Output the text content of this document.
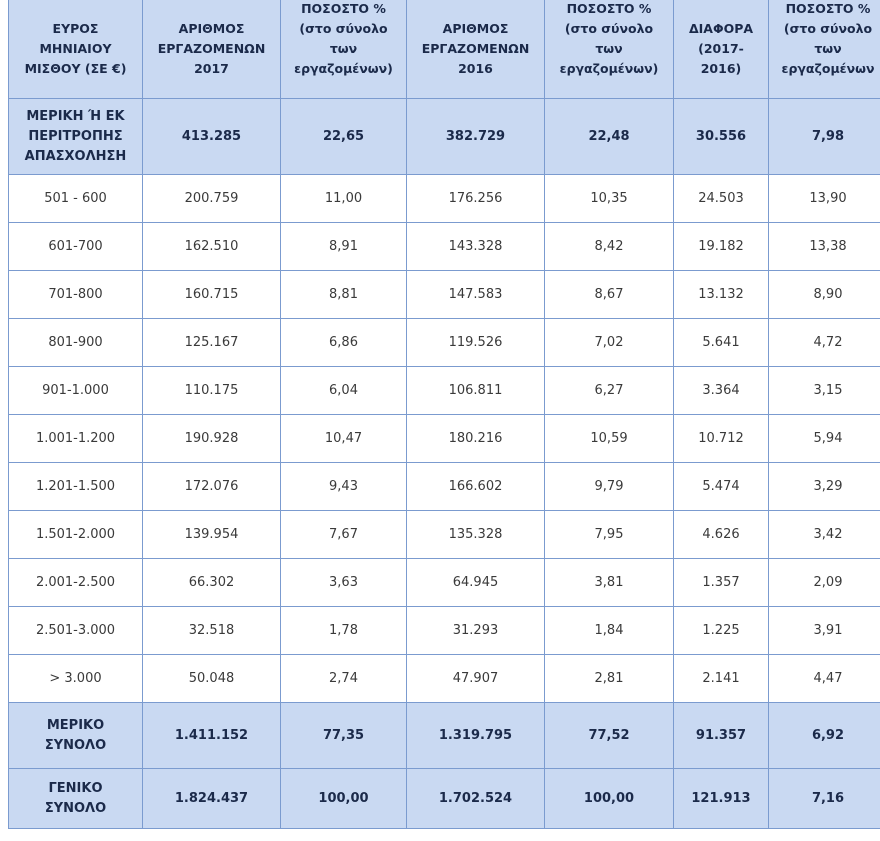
ΕΥΡΟΣ
ΜΗΝΙΑΙΟΥ
ΜΙΣΘΟΥ (ΣΕ €)	ΑΡΙΘΜΟΣ
ΕΡΓΑΖΟΜΕΝΩΝ
2017	ΠΟΣΟΣΤΟ %
(στο σύνολο
των
εργαζομένων)	ΑΡΙΘΜΟΣ
ΕΡΓΑΖΟΜΕΝΩΝ
2016	ΠΟΣΟΣΤΟ %
(στο σύνολο
των
εργαζομένων)	ΔΙΑΦΟΡΑ
(2017-
2016)	ΠΟΣΟΣΤΟ %
(στο σύνολο
των
εργαζομένων

ΜΕΡΙΚΗ Ή ΕΚ
ΠΕΡΙΤΡΟΠΗΣ
ΑΠΑΣΧΟΛΗΣΗ	413.285	22,65	382.729	22,48	30.556	7,98

501 - 600	200.759	11,00	176.256	10,35	24.503	13,90

601-700	162.510	8,91	143.328	8,42	19.182	13,38

701-800	160.715	8,81	147.583	8,67	13.132	8,90

801-900	125.167	6,86	119.526	7,02	5.641	4,72

901-1.000	110.175	6,04	106.811	6,27	3.364	3,15

1.001-1.200	190.928	10,47	180.216	10,59	10.712	5,94

1.201-1.500	172.076	9,43	166.602	9,79	5.474	3,29

1.501-2.000	139.954	7,67	135.328	7,95	4.626	3,42

2.001-2.500	66.302	3,63	64.945	3,81	1.357	2,09

2.501-3.000	32.518	1,78	31.293	1,84	1.225	3,91

> 3.000	50.048	2,74	47.907	2,81	2.141	4,47

ΜΕΡΙΚΟ
ΣΥΝΟΛΟ	1.411.152	77,35	1.319.795	77,52	91.357	6,92

ΓΕΝΙΚΟ
ΣΥΝΟΛΟ	1.824.437	100,00	1.702.524	100,00	121.913	7,16
